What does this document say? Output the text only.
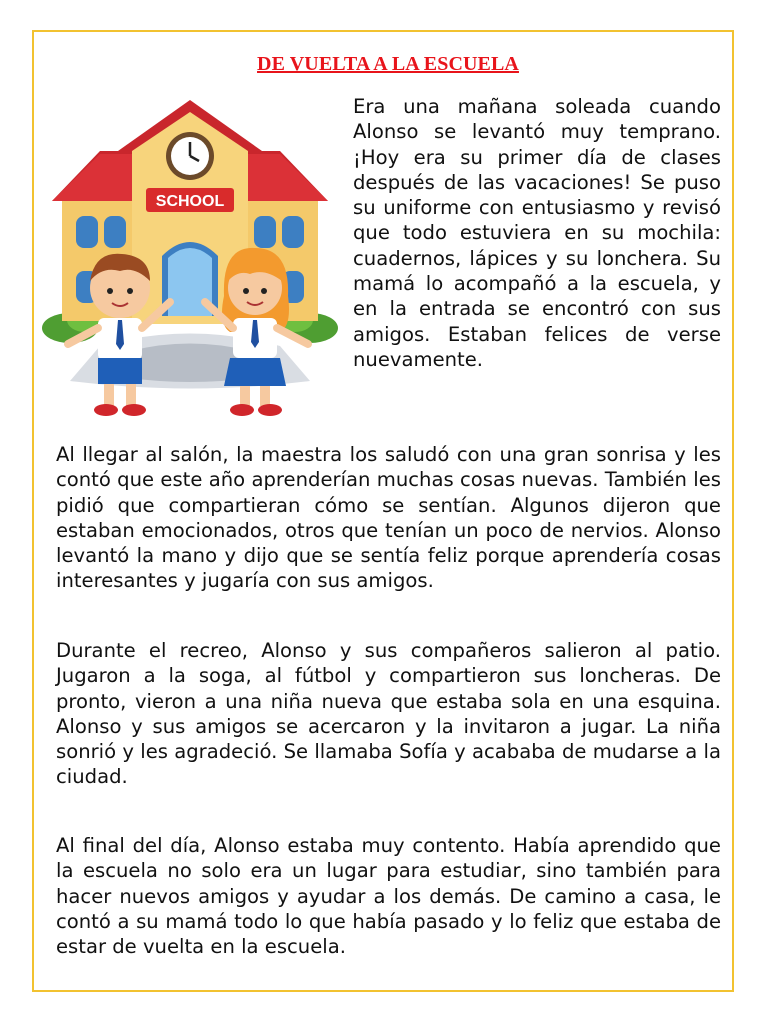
DE VUELTA A LA ESCUELA
SCHOOL

Era una mañana soleada cuando Alonso se levantó muy temprano. ¡Hoy era su primer día de clases después de las vacaciones! Se puso su uniforme con entusiasmo y revisó que todo estuviera en su mochila: cuadernos, lápices y su lonchera. Su mamá lo acompañó a la escuela, y en la entrada se encontró con sus amigos. Estaban felices de verse nuevamente.

Al llegar al salón, la maestra los saludó con una gran sonrisa y les contó que este año aprenderían muchas cosas nuevas. También les pidió que compartieran cómo se sentían. Algunos dijeron que estaban emocionados, otros que tenían un poco de nervios. Alonso levantó la mano y dijo que se sentía feliz porque aprendería cosas interesantes y jugaría con sus amigos.

Durante el recreo, Alonso y sus compañeros salieron al patio. Jugaron a la soga, al fútbol y compartieron sus loncheras. De pronto, vieron a una niña nueva que estaba sola en una esquina. Alonso y sus amigos se acercaron y la invitaron a jugar. La niña sonrió y les agradeció. Se llamaba Sofía y acababa de mudarse a la ciudad.

Al final del día, Alonso estaba muy contento. Había aprendido que la escuela no solo era un lugar para estudiar, sino también para hacer nuevos amigos y ayudar a los demás. De camino a casa, le contó a su mamá todo lo que había pasado y lo feliz que estaba de estar de vuelta en la escuela.
